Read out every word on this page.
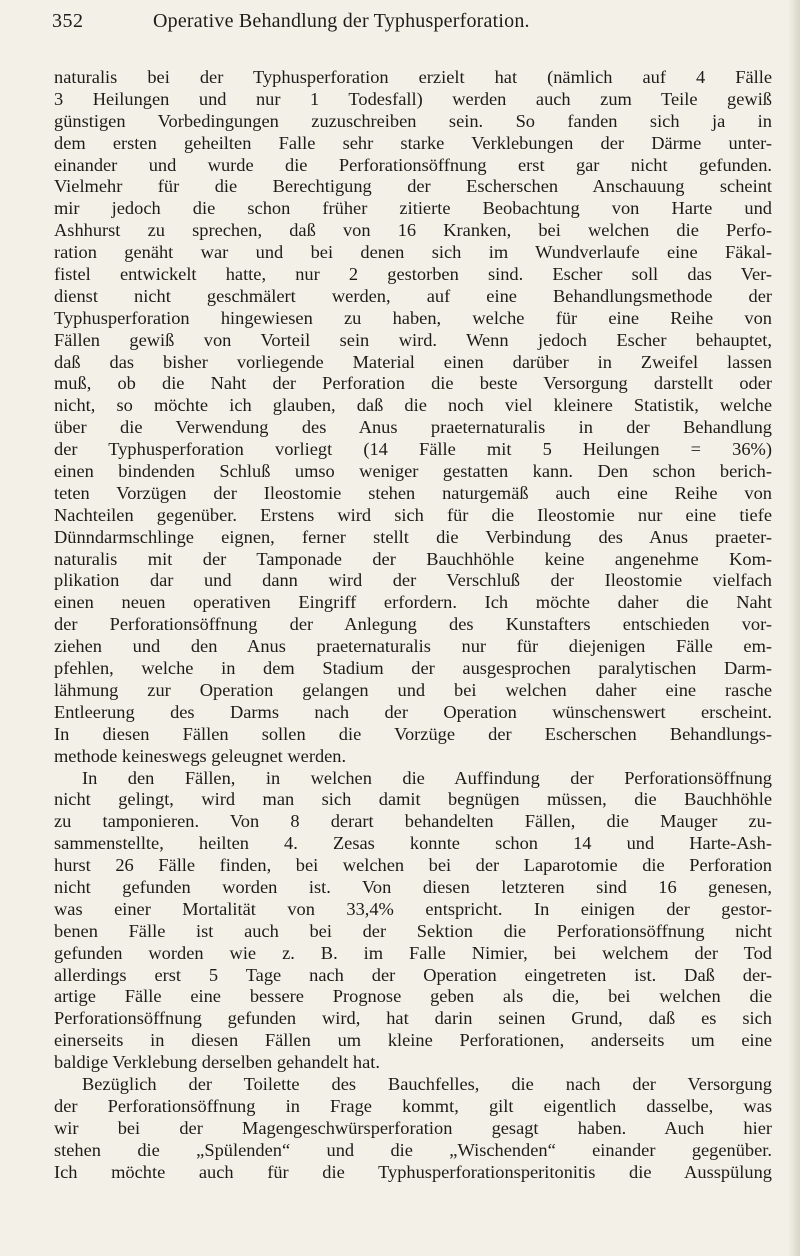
352	Operative Behandlung der Typhusperforation.
naturalis bei der Typhusperforation erzielt hat (nämlich auf 4 Fälle
3 Heilungen und nur 1 Todesfall) werden auch zum Teile gewiß
günstigen Vorbedingungen zuzuschreiben sein. So fanden sich ja in
dem ersten geheilten Falle sehr starke Verklebungen der Därme unter-
einander und wurde die Perforationsöffnung erst gar nicht gefunden.
Vielmehr für die Berechtigung der Escherschen Anschauung scheint
mir jedoch die schon früher zitierte Beobachtung von Harte und
Ashhurst zu sprechen, daß von 16 Kranken, bei welchen die Perfo-
ration genäht war und bei denen sich im Wundverlaufe eine Fäkal-
fistel entwickelt hatte, nur 2 gestorben sind. Escher soll das Ver-
dienst nicht geschmälert werden, auf eine Behandlungsmethode der
Typhusperforation hingewiesen zu haben, welche für eine Reihe von
Fällen gewiß von Vorteil sein wird. Wenn jedoch Escher behauptet,
daß das bisher vorliegende Material einen darüber in Zweifel lassen
muß, ob die Naht der Perforation die beste Versorgung darstellt oder
nicht, so möchte ich glauben, daß die noch viel kleinere Statistik, welche
über die Verwendung des Anus praeternaturalis in der Behandlung
der Typhusperforation vorliegt (14 Fälle mit 5 Heilungen = 36%)
einen bindenden Schluß umso weniger gestatten kann. Den schon berich-
teten Vorzügen der Ileostomie stehen naturgemäß auch eine Reihe von
Nachteilen gegenüber. Erstens wird sich für die Ileostomie nur eine tiefe
Dünndarmschlinge eignen, ferner stellt die Verbindung des Anus praeter-
naturalis mit der Tamponade der Bauchhöhle keine angenehme Kom-
plikation dar und dann wird der Verschluß der Ileostomie vielfach
einen neuen operativen Eingriff erfordern. Ich möchte daher die Naht
der Perforationsöffnung der Anlegung des Kunstafters entschieden vor-
ziehen und den Anus praeternaturalis nur für diejenigen Fälle em-
pfehlen, welche in dem Stadium der ausgesprochen paralytischen Darm-
lähmung zur Operation gelangen und bei welchen daher eine rasche
Entleerung des Darms nach der Operation wünschenswert erscheint.
In diesen Fällen sollen die Vorzüge der Escherschen Behandlungs-
methode keineswegs geleugnet werden.
In den Fällen, in welchen die Auffindung der Perforationsöffnung
nicht gelingt, wird man sich damit begnügen müssen, die Bauchhöhle
zu tamponieren. Von 8 derart behandelten Fällen, die Mauger zu-
sammenstellte, heilten 4. Zesas konnte schon 14 und Harte-Ash-
hurst 26 Fälle finden, bei welchen bei der Laparotomie die Perforation
nicht gefunden worden ist. Von diesen letzteren sind 16 genesen,
was einer Mortalität von 33,4% entspricht. In einigen der gestor-
benen Fälle ist auch bei der Sektion die Perforationsöffnung nicht
gefunden worden wie z. B. im Falle Nimier, bei welchem der Tod
allerdings erst 5 Tage nach der Operation eingetreten ist. Daß der-
artige Fälle eine bessere Prognose geben als die, bei welchen die
Perforationsöffnung gefunden wird, hat darin seinen Grund, daß es sich
einerseits in diesen Fällen um kleine Perforationen, anderseits um eine
baldige Verklebung derselben gehandelt hat.
Bezüglich der Toilette des Bauchfelles, die nach der Versorgung
der Perforationsöffnung in Frage kommt, gilt eigentlich dasselbe, was
wir bei der Magengeschwürsperforation gesagt haben. Auch hier
stehen die „Spülenden“ und die „Wischenden“ einander gegenüber.
Ich möchte auch für die Typhusperforationsperitonitis die Ausspülung
